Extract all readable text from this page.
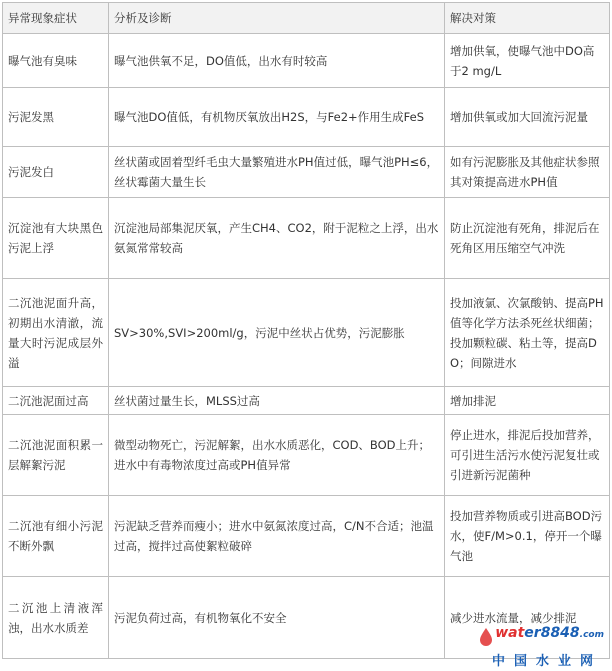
异常现象症状	分析及诊断	解决对策
曝气池有臭味	曝气池供氧不足，DO值低，出水有时较高	增加供氧，使曝气池中DO高于2 mg/L
污泥发黑	曝气池DO值低，有机物厌氧放出H2S，与Fe2+作用生成FeS	增加供氧或加大回流污泥量
污泥发白	丝状菌或固着型纤毛虫大量繁殖进水PH值过低，曝气池PH≤6，丝状霉菌大量生长	如有污泥膨胀及其他症状参照其对策提高进水PH值
沉淀池有大块黑色污泥上浮	沉淀池局部集泥厌氧，产生CH4、CO2，附于泥粒之上浮，出水氨氮常常较高	防止沉淀池有死角，排泥后在死角区用压缩空气冲洗
二沉池泥面升高，初期出水清澈，流量大时污泥成层外溢	SV>30%,SVI>200ml/g，污泥中丝状占优势，污泥膨胀	投加液氯、次氯酸钠、提高PH值等化学方法杀死丝状细菌；投加颗粒碳、粘土等，提高DO；间隙进水
二沉池泥面过高	丝状菌过量生长，MLSS过高	增加排泥
二沉池泥面积累一层解絮污泥	微型动物死亡，污泥解絮，出水水质恶化，COD、BOD上升；进水中有毒物浓度过高或PH值异常	停止进水，排泥后投加营养，可引进生活污水使污泥复壮或引进新污泥菌种
二沉池有细小污泥不断外飘	污泥缺乏营养而瘦小；进水中氨氮浓度过高，C/N不合适；池温过高，搅拌过高使絮粒破碎	投加营养物质或引进高BOD污水，使F/M>0.1，停开一个曝气池
二沉池上清液浑浊，出水水质差	污泥负荷过高，有机物氧化不安全	减少进水流量，减少排泥
water8848.com
中国水业网
